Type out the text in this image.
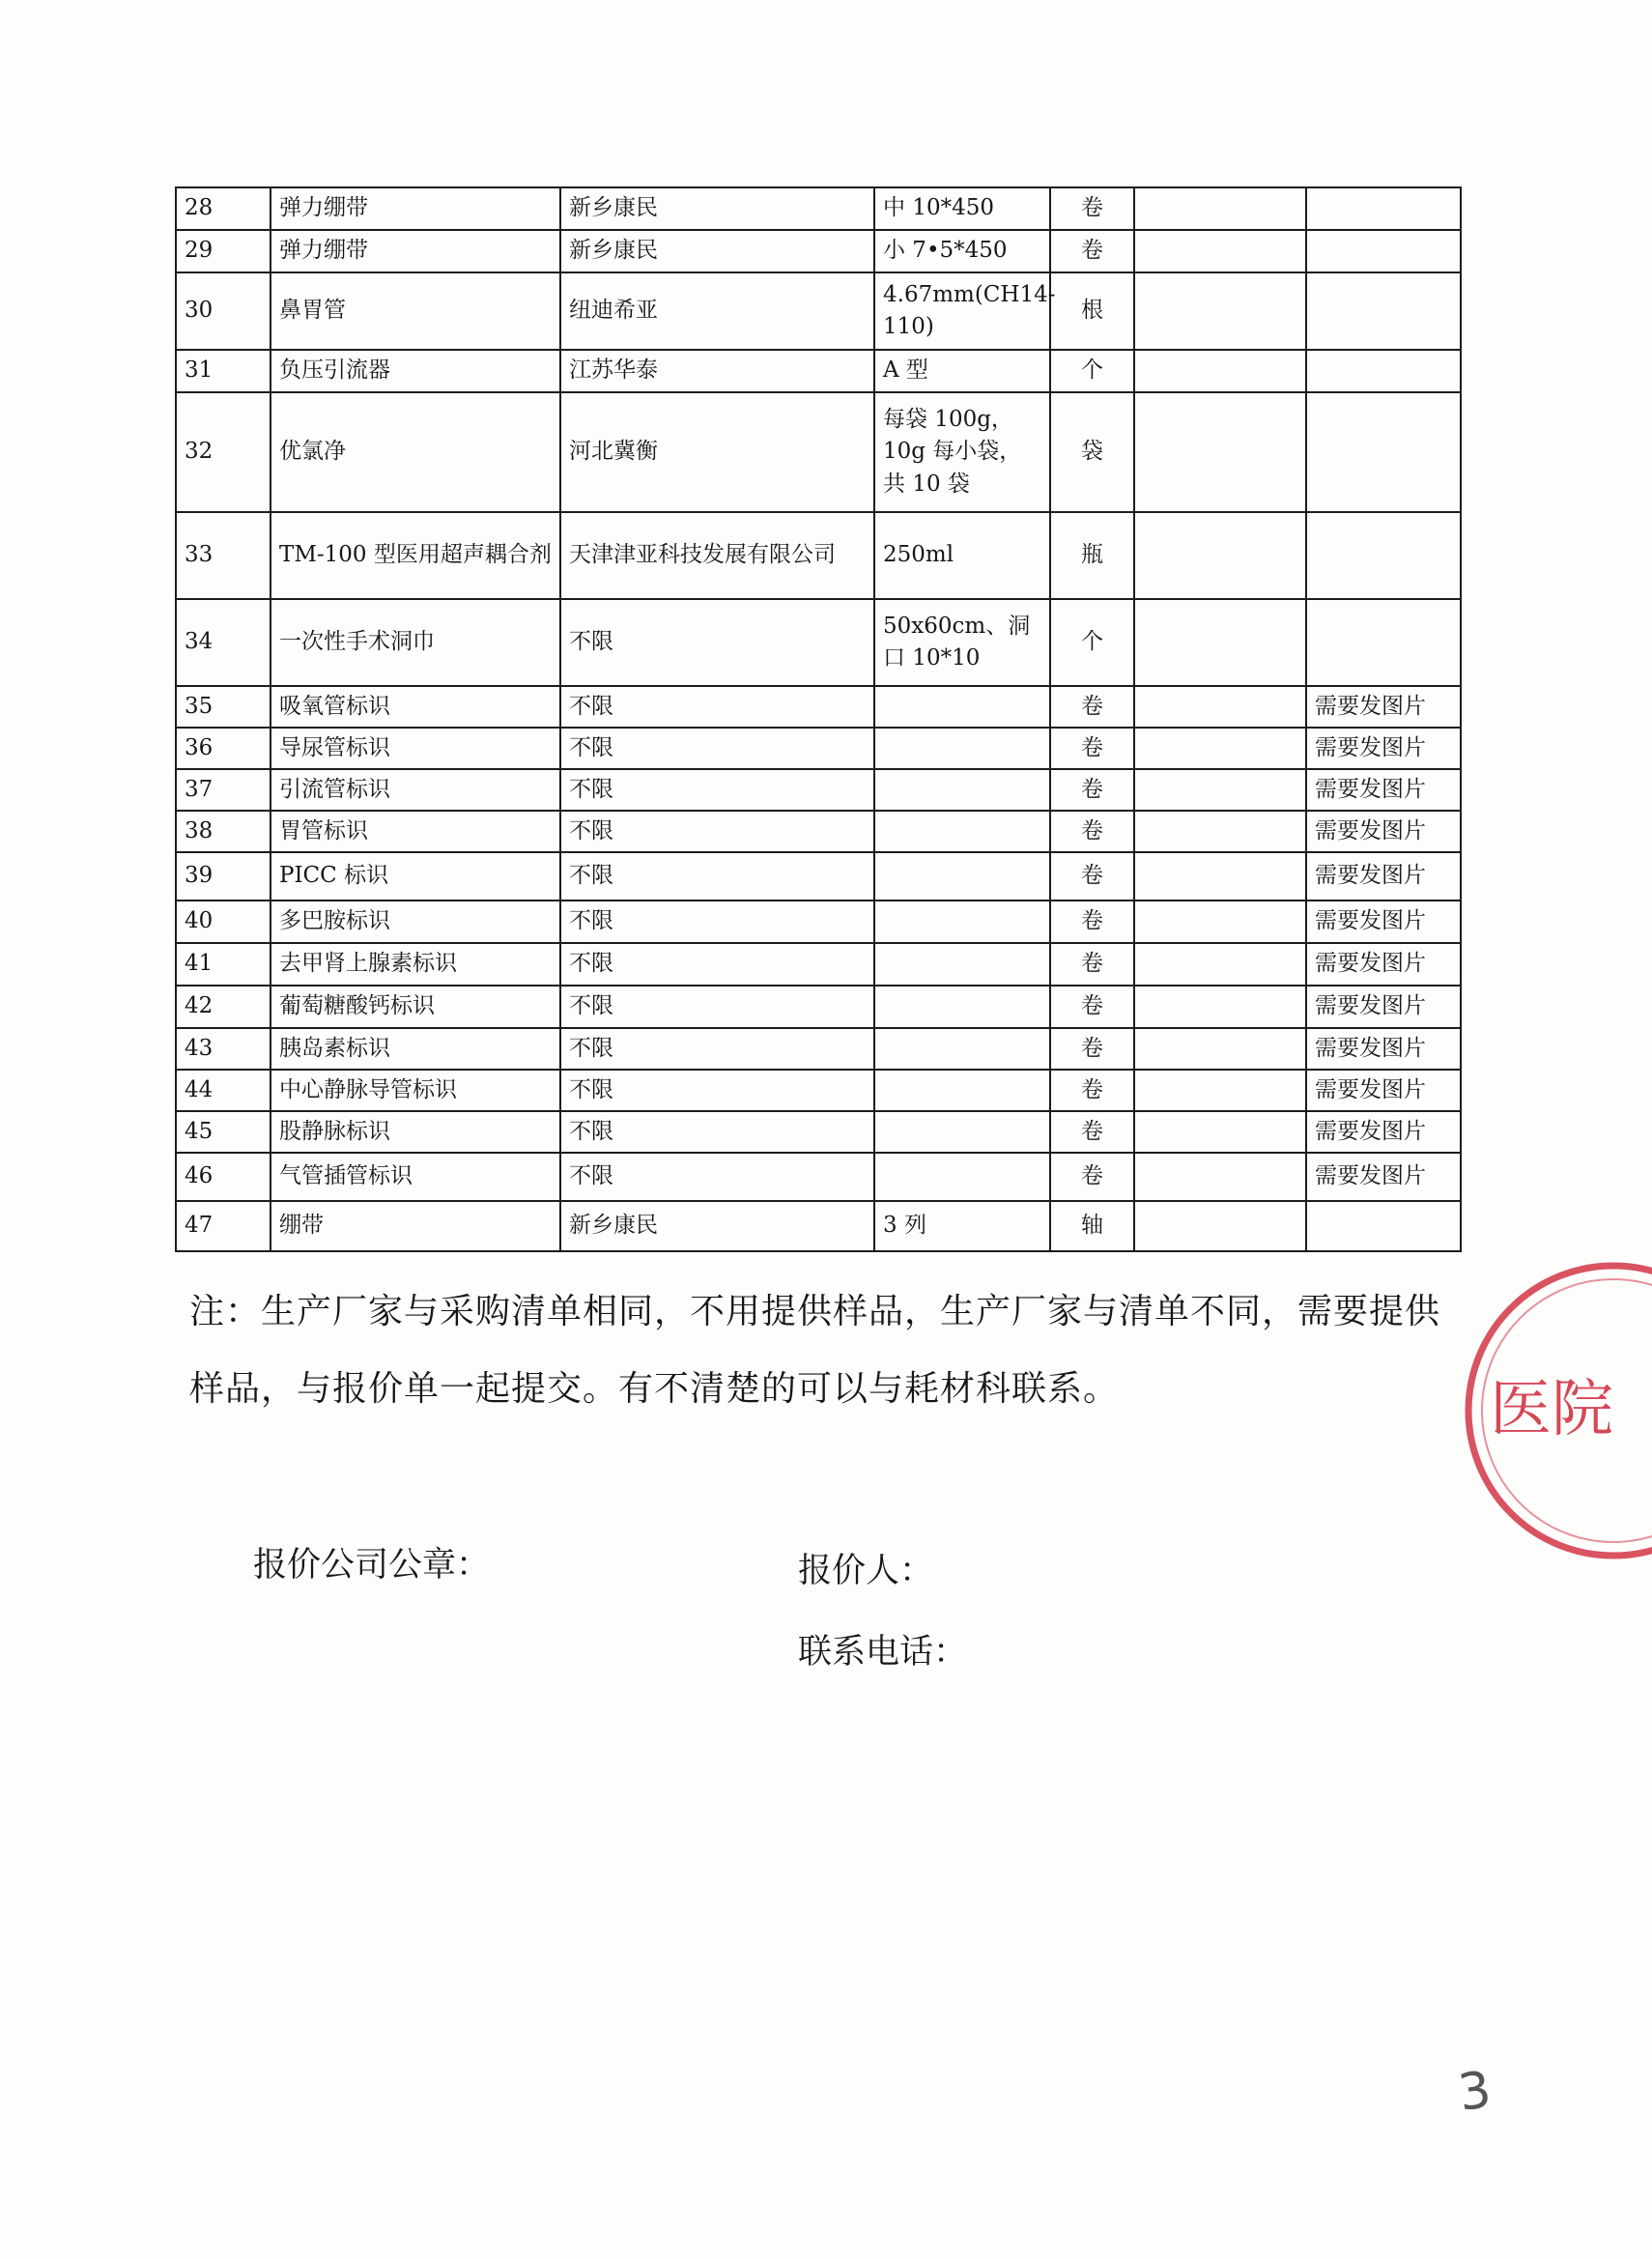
28	弹力绷带	新乡康民	中 10*450	卷		
29	弹力绷带	新乡康民	小 7•5*450	卷		
30	鼻胃管	纽迪希亚	4.67mm(CH14-110)	根		
31	负压引流器	江苏华泰	A 型	个		
32	优氯净	河北冀衡	每袋 100g，10g 每小袋，共 10 袋	袋		
33	TM-100 型医用超声耦合剂	天津津亚科技发展有限公司	250ml	瓶		
34	一次性手术洞巾	不限	50x60cm、洞口 10*10	个		
35	吸氧管标识	不限		卷		需要发图片
36	导尿管标识	不限		卷		需要发图片
37	引流管标识	不限		卷		需要发图片
38	胃管标识	不限		卷		需要发图片
39	PICC 标识	不限		卷		需要发图片
40	多巴胺标识	不限		卷		需要发图片
41	去甲肾上腺素标识	不限		卷		需要发图片
42	葡萄糖酸钙标识	不限		卷		需要发图片
43	胰岛素标识	不限		卷		需要发图片
44	中心静脉导管标识	不限		卷		需要发图片
45	股静脉标识	不限		卷		需要发图片
46	气管插管标识	不限		卷		需要发图片
47	绷带	新乡康民	3 列	轴		
注：生产厂家与采购清单相同，不用提供样品，生产厂家与清单不同，需要提供样品，与报价单一起提交。有不清楚的可以与耗材科联系。
报价公司公章：	报价人：
联系电话：
医院
3
